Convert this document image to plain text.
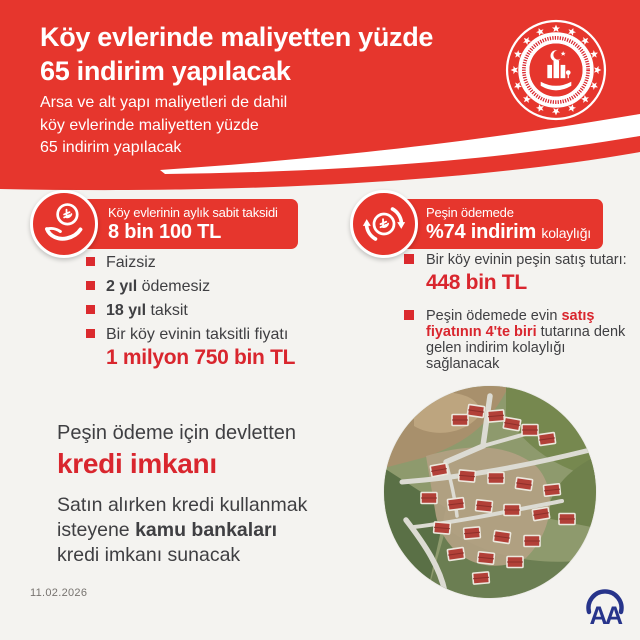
Köy evlerinde maliyetten yüzde
65 indirim yapılacak
Arsa ve alt yapı maliyetleri de dahil
köy evlerinde maliyetten yüzde
65 indirim yapılacak
Köy evlerinin aylık sabit taksidi
8 bin 100 TL
Peşin ödemede
%74 indirim kolaylığı
Faizsiz
2 yıl ödemesiz
18 yıl taksit
Bir köy evinin taksitli fiyatı
1 milyon 750 bin TL
Bir köy evinin peşin satış tutarı:
448 bin TL
Peşin ödemede evin satış fiyatının 4'te biri tutarına denk gelen indirim kolaylığı sağlanacak
Peşin ödeme için devletten
kredi imkanı
Satın alırken kredi kullanmak
isteyene kamu bankaları
kredi imkanı sunacak
11.02.2026
AA
